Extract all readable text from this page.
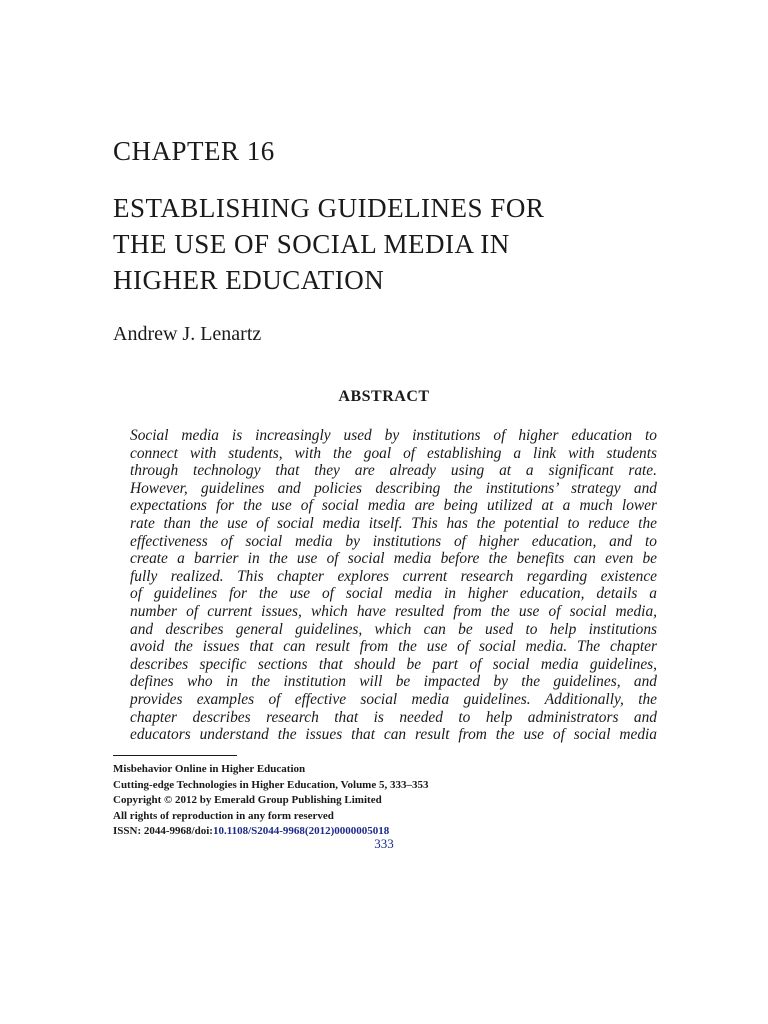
CHAPTER 16
ESTABLISHING GUIDELINES FOR
THE USE OF SOCIAL MEDIA IN
HIGHER EDUCATION

Andrew J. Lenartz

ABSTRACT
Social media is increasingly used by institutions of higher education to
connect with students, with the goal of establishing a link with students
through technology that they are already using at a significant rate.
However, guidelines and policies describing the institutions’ strategy and
expectations for the use of social media are being utilized at a much lower
rate than the use of social media itself. This has the potential to reduce the
effectiveness of social media by institutions of higher education, and to
create a barrier in the use of social media before the benefits can even be
fully realized. This chapter explores current research regarding existence
of guidelines for the use of social media in higher education, details a
number of current issues, which have resulted from the use of social media,
and describes general guidelines, which can be used to help institutions
avoid the issues that can result from the use of social media. The chapter
describes specific sections that should be part of social media guidelines,
defines who in the institution will be impacted by the guidelines, and
provides examples of effective social media guidelines. Additionally, the
chapter describes research that is needed to help administrators and
educators understand the issues that can result from the use of social media
Misbehavior Online in Higher Education
Cutting-edge Technologies in Higher Education, Volume 5, 333–353
Copyright © 2012 by Emerald Group Publishing Limited
All rights of reproduction in any form reserved
ISSN: 2044-9968/doi:10.1108/S2044-9968(2012)0000005018
333
